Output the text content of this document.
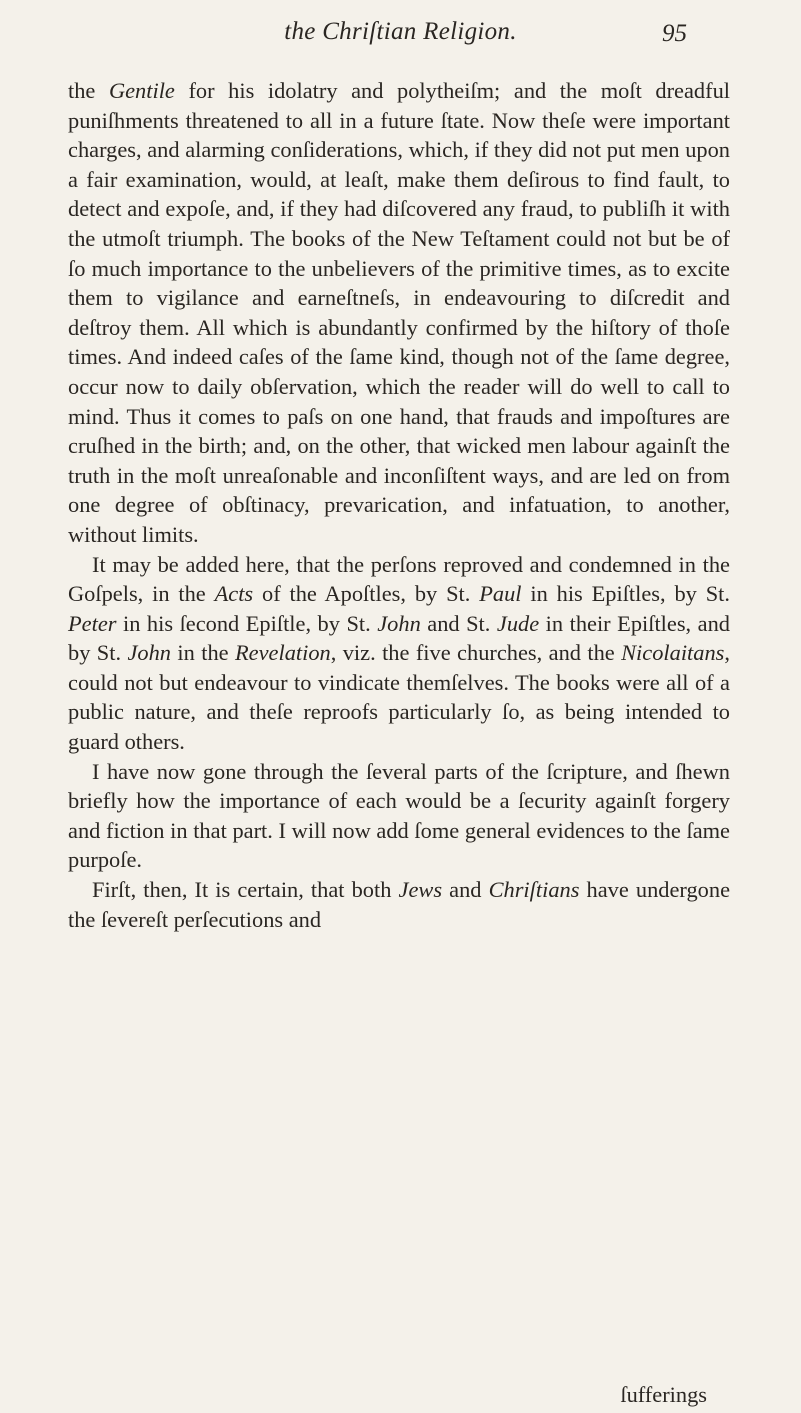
the Chriſtian Religion.	95

the Gentile for his idolatry and polytheiſm; and the moſt dreadful puniſhments threatened to all in a future ſtate. Now theſe were important charges, and alarming conſiderations, which, if they did not put men upon a fair examination, would, at leaſt, make them deſirous to find fault, to detect and expoſe, and, if they had diſcovered any fraud, to publiſh it with the utmoſt triumph. The books of the New Teſtament could not but be of ſo much importance to the unbelievers of the primitive times, as to excite them to vigilance and earneſtneſs, in endeavouring to diſcredit and deſtroy them. All which is abundantly confirmed by the hiſtory of thoſe times. And indeed caſes of the ſame kind, though not of the ſame degree, occur now to daily obſervation, which the reader will do well to call to mind. Thus it comes to paſs on one hand, that frauds and impoſtures are cruſhed in the birth; and, on the other, that wicked men labour againſt the truth in the moſt unreaſonable and inconſiſtent ways, and are led on from one degree of obſtinacy, prevarication, and infatuation, to another, without limits.

It may be added here, that the perſons reproved and condemned in the Goſpels, in the Acts of the Apoſtles, by St. Paul in his Epiſtles, by St. Peter in his ſecond Epiſtle, by St. John and St. Jude in their Epiſtles, and by St. John in the Revelation, viz. the five churches, and the Nicolaitans, could not but endeavour to vindicate themſelves. The books were all of a public nature, and theſe reproofs particularly ſo, as being intended to guard others.

I have now gone through the ſeveral parts of the ſcripture, and ſhewn briefly how the importance of each would be a ſecurity againſt forgery and fiction in that part. I will now add ſome general evidences to the ſame purpoſe.

Firſt, then, It is certain, that both Jews and Chriſtians have undergone the ſevereſt perſecutions and

ſufferings
